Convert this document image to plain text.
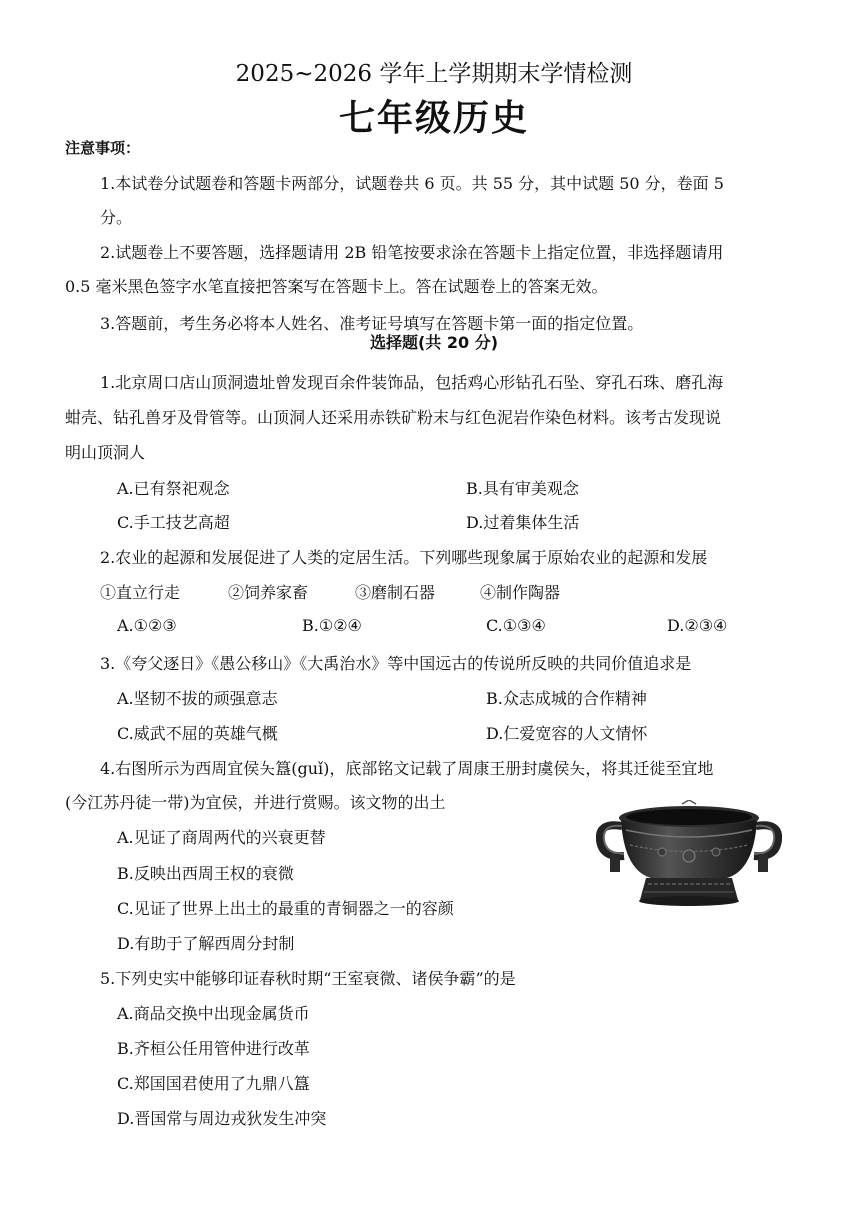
2025~2026 学年上学期期末学情检测
七年级历史
注意事项：
1.本试卷分试题卷和答题卡两部分，试题卷共 6 页。共 55 分，其中试题 50 分，卷面 5
分。
2.试题卷上不要答题，选择题请用 2B 铅笔按要求涂在答题卡上指定位置，非选择题请用
0.5 毫米黑色签字水笔直接把答案写在答题卡上。答在试题卷上的答案无效。
3.答题前，考生务必将本人姓名、准考证号填写在答题卡第一面的指定位置。
选择题(共 20 分)
1.北京周口店山顶洞遗址曾发现百余件装饰品，包括鸡心形钻孔石坠、穿孔石珠、磨孔海
蚶壳、钻孔兽牙及骨管等。山顶洞人还采用赤铁矿粉末与红色泥岩作染色材料。该考古发现说
明山顶洞人
A.已有祭祀观念	B.具有审美观念
C.手工技艺高超	D.过着集体生活
2.农业的起源和发展促进了人类的定居生活。下列哪些现象属于原始农业的起源和发展
①直立行走	②饲养家畜	③磨制石器	④制作陶器
A.①②③	B.①②④	C.①③④	D.②③④
3.《夸父逐日》《愚公移山》《大禹治水》等中国远古的传说所反映的共同价值追求是
A.坚韧不拔的顽强意志	B.众志成城的合作精神
C.威武不屈的英雄气概	D.仁爱宽容的人文情怀
4.右图所示为西周宜侯夨簋(guǐ)，底部铭文记载了周康王册封虞侯夨，将其迁徙至宜地
(今江苏丹徒一带)为宜侯，并进行赏赐。该文物的出土
A.见证了商周两代的兴衰更替
B.反映出西周王权的衰微
C.见证了世界上出土的最重的青铜器之一的容颜
D.有助于了解西周分封制
5.下列史实中能够印证春秋时期“王室衰微、诸侯争霸”的是
A.商品交换中出现金属货币
B.齐桓公任用管仲进行改革
C.郑国国君使用了九鼎八簋
D.晋国常与周边戎狄发生冲突
